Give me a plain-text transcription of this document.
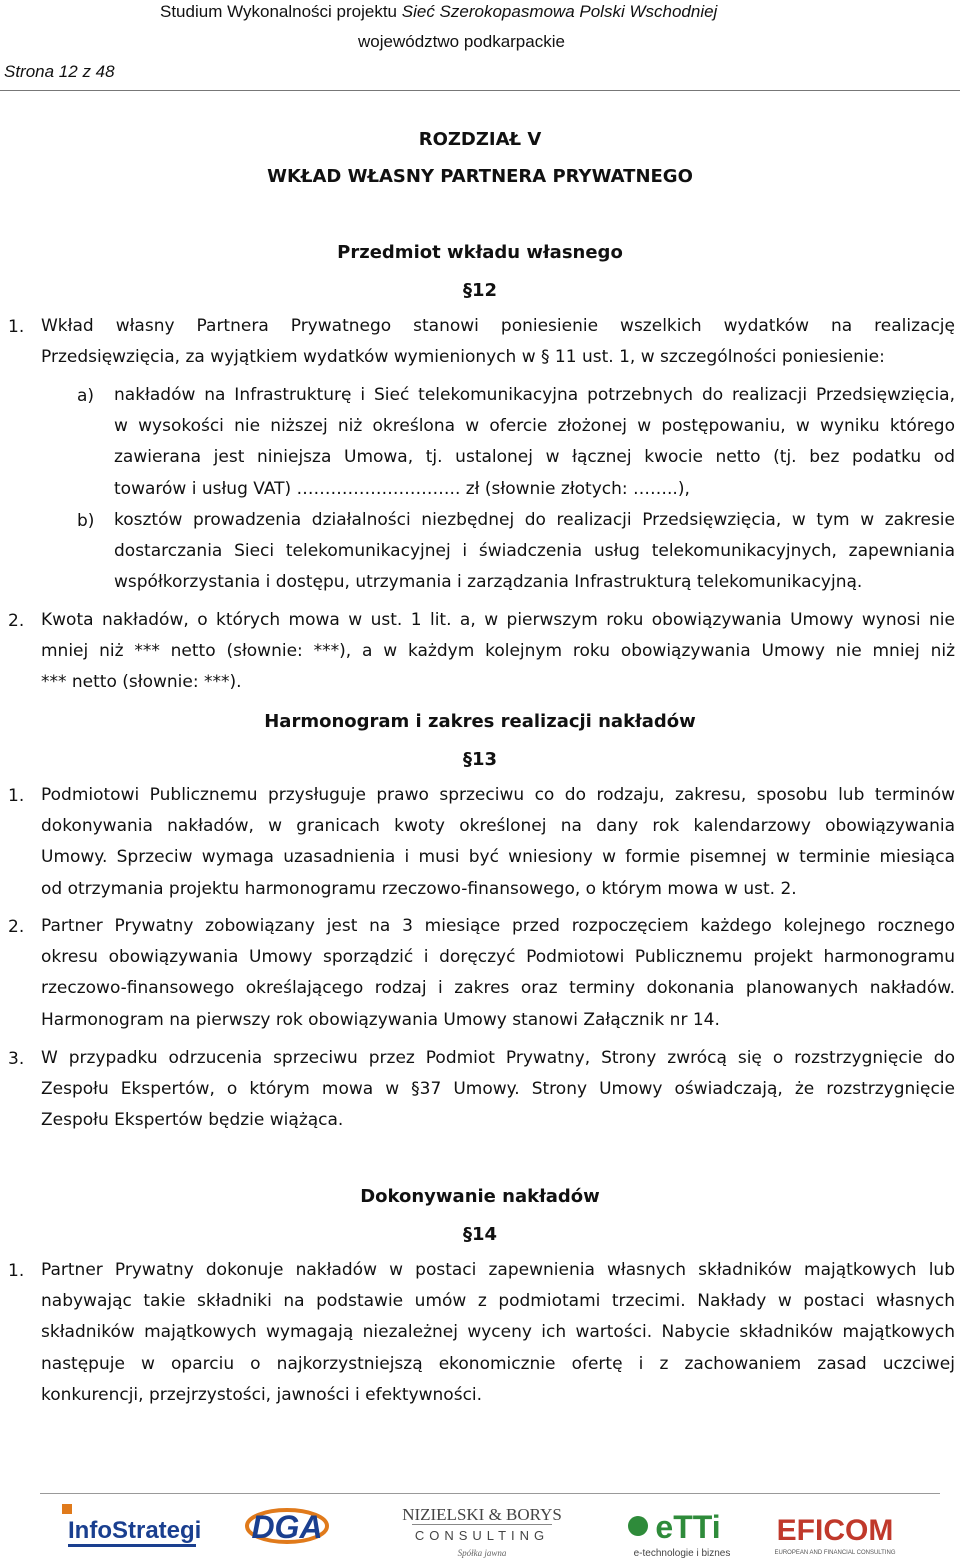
Studium Wykonalności projektu Sieć Szerokopasmowa Polski Wschodniej
województwo podkarpackie
Strona 12 z 48
ROZDZIAŁ V
WKŁAD WŁASNY PARTNERA PRYWATNEGO
Przedmiot wkładu własnego
§12
1. Wkład własny Partnera Prywatnego stanowi poniesienie wszelkich wydatków na realizację
Przedsięwzięcia, za wyjątkiem wydatków wymienionych w § 11 ust. 1, w szczególności poniesienie:
a) nakładów na Infrastrukturę i Sieć telekomunikacyjna potrzebnych do realizacji Przedsięwzięcia,
w wysokości nie niższej niż określona w ofercie złożonej w postępowaniu, w wyniku którego
zawierana jest niniejsza Umowa, tj. ustalonej w łącznej kwocie netto (tj. bez podatku od
towarów i usług VAT) ……………………….. zł (słownie złotych: ……..),
b) kosztów prowadzenia działalności niezbędnej do realizacji Przedsięwzięcia, w tym w zakresie
dostarczania Sieci telekomunikacyjnej i świadczenia usług telekomunikacyjnych, zapewniania
współkorzystania i dostępu, utrzymania i zarządzania Infrastrukturą telekomunikacyjną.
2. Kwota nakładów, o których mowa w ust. 1 lit. a, w pierwszym roku obowiązywania Umowy wynosi nie
mniej niż *** netto (słownie: ***), a w każdym kolejnym roku obowiązywania Umowy nie mniej niż
*** netto (słownie: ***).
1. Podmiotowi Publicznemu przysługuje prawo sprzeciwu co do rodzaju, zakresu, sposobu lub terminów
dokonywania nakładów, w granicach kwoty określonej na dany rok kalendarzowy obowiązywania
Umowy. Sprzeciw wymaga uzasadnienia i musi być wniesiony w formie pisemnej w terminie miesiąca
od otrzymania projektu harmonogramu rzeczowo-finansowego, o którym mowa w ust. 2.
2. Partner Prywatny zobowiązany jest na 3 miesiące przed rozpoczęciem każdego kolejnego rocznego
okresu obowiązywania Umowy sporządzić i doręczyć Podmiotowi Publicznemu projekt harmonogramu
rzeczowo-finansowego określającego rodzaj i zakres oraz terminy dokonania planowanych nakładów.
Harmonogram na pierwszy rok obowiązywania Umowy stanowi Załącznik nr 14.
3. W przypadku odrzucenia sprzeciwu przez Podmiot Prywatny, Strony zwrócą się o rozstrzygnięcie do
Zespołu Ekspertów, o którym mowa w §37 Umowy. Strony Umowy oświadczają, że rozstrzygnięcie
Zespołu Ekspertów będzie wiążąca.
1. Partner Prywatny dokonuje nakładów w postaci zapewnienia własnych składników majątkowych lub
nabywając takie składniki na podstawie umów z podmiotami trzecimi. Nakłady w postaci własnych
składników majątkowych wymagają niezależnej wyceny ich wartości. Nabycie składników majątkowych
następuje w oparciu o najkorzystniejszą ekonomicznie ofertę i z zachowaniem zasad uczciwej
konkurencji, przejrzystości, jawności i efektywności.
Harmonogram i zakres realizacji nakładów
§13
Dokonywanie nakładów
§14
InfoStrategia DGA	NIZIELSKI & BORYS
CONSULTING
Spółka jawna
eTTi
e-technologie i biznes
EFICOM
EUROPEAN AND FINANCIAL CONSULTING
